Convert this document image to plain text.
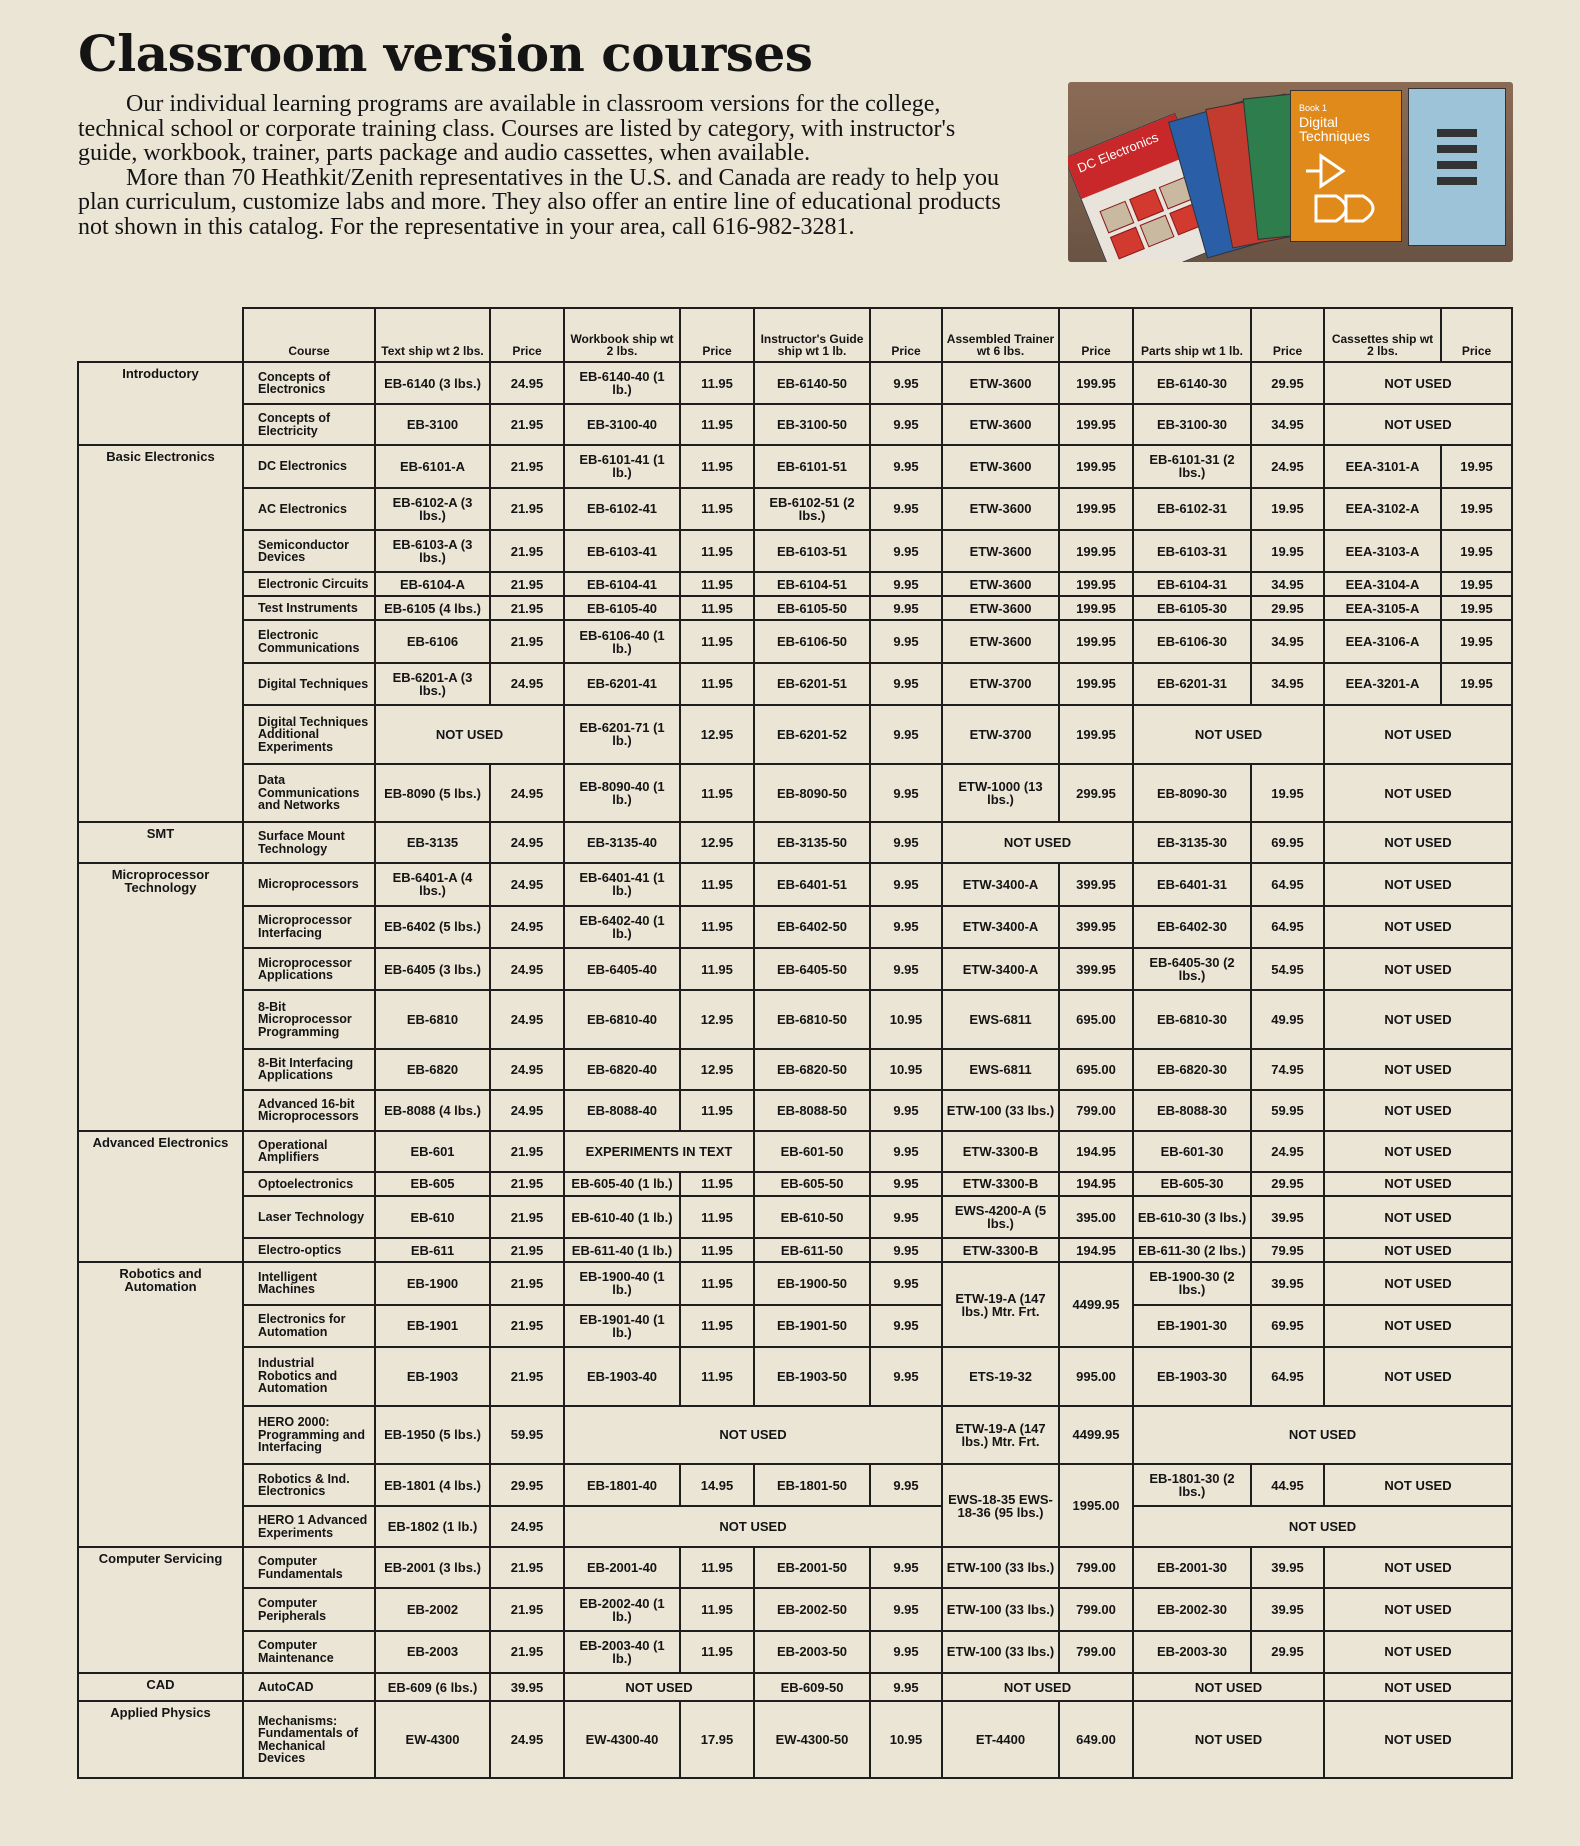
Classroom version courses

Our individual learning programs are available in classroom versions for the college, technical school or corporate training class. Courses are listed by category, with instructor's guide, workbook, trainer, parts package and audio cassettes, when available.

More than 70 Heathkit/Zenith representatives in the U.S. and Canada are ready to help you plan curriculum, customize labs and more. They also offer an entire line of educational products not shown in this catalog. For the representative in your area, call 616-982-3281.

DC Electronics
Book 1
Digital Techniques
	Course	Text ship wt 2 lbs.	Price	Workbook ship wt 2 lbs.	Price	Instructor's Guide ship wt 1 lb.	Price	Assembled Trainer wt 6 lbs.	Price	Parts ship wt 1 lb.	Price	Cassettes ship wt 2 lbs.	Price
Introductory	Concepts of Electronics	EB-6140 (3 lbs.)	24.95	EB-6140-40 (1 lb.)	11.95	EB-6140-50	9.95	ETW-3600	199.95	EB-6140-30	29.95	NOT USED	
	Concepts of Electricity	EB-3100	21.95	EB-3100-40	11.95	EB-3100-50	9.95	ETW-3600	199.95	EB-3100-30	34.95	NOT USED	
Basic Electronics	DC Electronics	EB-6101-A	21.95	EB-6101-41 (1 lb.)	11.95	EB-6101-51	9.95	ETW-3600	199.95	EB-6101-31 (2 lbs.)	24.95	EEA-3101-A	19.95
	AC Electronics	EB-6102-A (3 lbs.)	21.95	EB-6102-41	11.95	EB-6102-51 (2 lbs.)	9.95	ETW-3600	199.95	EB-6102-31	19.95	EEA-3102-A	19.95
	Semiconductor Devices	EB-6103-A (3 lbs.)	21.95	EB-6103-41	11.95	EB-6103-51	9.95	ETW-3600	199.95	EB-6103-31	19.95	EEA-3103-A	19.95
	Electronic Circuits	EB-6104-A	21.95	EB-6104-41	11.95	EB-6104-51	9.95	ETW-3600	199.95	EB-6104-31	34.95	EEA-3104-A	19.95
	Test Instruments	EB-6105 (4 lbs.)	21.95	EB-6105-40	11.95	EB-6105-50	9.95	ETW-3600	199.95	EB-6105-30	29.95	EEA-3105-A	19.95
	Electronic Communications	EB-6106	21.95	EB-6106-40 (1 lb.)	11.95	EB-6106-50	9.95	ETW-3600	199.95	EB-6106-30	34.95	EEA-3106-A	19.95
	Digital Techniques	EB-6201-A (3 lbs.)	24.95	EB-6201-41	11.95	EB-6201-51	9.95	ETW-3700	199.95	EB-6201-31	34.95	EEA-3201-A	19.95
	Digital Techniques Additional Experiments	NOT USED		EB-6201-71 (1 lb.)	12.95	EB-6201-52	9.95	ETW-3700	199.95	NOT USED		NOT USED	
	Data Communications and Networks	EB-8090 (5 lbs.)	24.95	EB-8090-40 (1 lb.)	11.95	EB-8090-50	9.95	ETW-1000 (13 lbs.)	299.95	EB-8090-30	19.95	NOT USED	
SMT	Surface Mount Technology	EB-3135	24.95	EB-3135-40	12.95	EB-3135-50	9.95	NOT USED		EB-3135-30	69.95	NOT USED	
Microprocessor Technology	Microprocessors	EB-6401-A (4 lbs.)	24.95	EB-6401-41 (1 lb.)	11.95	EB-6401-51	9.95	ETW-3400-A	399.95	EB-6401-31	64.95	NOT USED	
	Microprocessor Interfacing	EB-6402 (5 lbs.)	24.95	EB-6402-40 (1 lb.)	11.95	EB-6402-50	9.95	ETW-3400-A	399.95	EB-6402-30	64.95	NOT USED	
	Microprocessor Applications	EB-6405 (3 lbs.)	24.95	EB-6405-40	11.95	EB-6405-50	9.95	ETW-3400-A	399.95	EB-6405-30 (2 lbs.)	54.95	NOT USED	
	8-Bit Microprocessor Programming	EB-6810	24.95	EB-6810-40	12.95	EB-6810-50	10.95	EWS-6811	695.00	EB-6810-30	49.95	NOT USED	
	8-Bit Interfacing Applications	EB-6820	24.95	EB-6820-40	12.95	EB-6820-50	10.95	EWS-6811	695.00	EB-6820-30	74.95	NOT USED	
	Advanced 16-bit Microprocessors	EB-8088 (4 lbs.)	24.95	EB-8088-40	11.95	EB-8088-50	9.95	ETW-100 (33 lbs.)	799.00	EB-8088-30	59.95	NOT USED	
Advanced Electronics	Operational Amplifiers	EB-601	21.95	EXPERIMENTS IN TEXT		EB-601-50	9.95	ETW-3300-B	194.95	EB-601-30	24.95	NOT USED	
	Optoelectronics	EB-605	21.95	EB-605-40 (1 lb.)	11.95	EB-605-50	9.95	ETW-3300-B	194.95	EB-605-30	29.95	NOT USED	
	Laser Technology	EB-610	21.95	EB-610-40 (1 lb.)	11.95	EB-610-50	9.95	EWS-4200-A (5 lbs.)	395.00	EB-610-30 (3 lbs.)	39.95	NOT USED	
	Electro-optics	EB-611	21.95	EB-611-40 (1 lb.)	11.95	EB-611-50	9.95	ETW-3300-B	194.95	EB-611-30 (2 lbs.)	79.95	NOT USED	
Robotics and Automation	Intelligent Machines	EB-1900	21.95	EB-1900-40 (1 lb.)	11.95	EB-1900-50	9.95	ETW-19-A (147 lbs.) Mtr. Frt.	4499.95	EB-1900-30 (2 lbs.)	39.95	NOT USED	
	Electronics for Automation	EB-1901	21.95	EB-1901-40 (1 lb.)	11.95	EB-1901-50	9.95			EB-1901-30	69.95	NOT USED	
	Industrial Robotics and Automation	EB-1903	21.95	EB-1903-40	11.95	EB-1903-50	9.95	ETS-19-32	995.00	EB-1903-30	64.95	NOT USED	
	HERO 2000: Programming and Interfacing	EB-1950 (5 lbs.)	59.95	NOT USED				ETW-19-A (147 lbs.) Mtr. Frt.	4499.95	NOT USED			
	Robotics & Ind. Electronics	EB-1801 (4 lbs.)	29.95	EB-1801-40	14.95	EB-1801-50	9.95	EWS-18-35 EWS-18-36 (95 lbs.)	1995.00	EB-1801-30 (2 lbs.)	44.95	NOT USED	
	HERO 1 Advanced Experiments	EB-1802 (1 lb.)	24.95	NOT USED						NOT USED			
Computer Servicing	Computer Fundamentals	EB-2001 (3 lbs.)	21.95	EB-2001-40	11.95	EB-2001-50	9.95	ETW-100 (33 lbs.)	799.00	EB-2001-30	39.95	NOT USED	
	Computer Peripherals	EB-2002	21.95	EB-2002-40 (1 lb.)	11.95	EB-2002-50	9.95	ETW-100 (33 lbs.)	799.00	EB-2002-30	39.95	NOT USED	
	Computer Maintenance	EB-2003	21.95	EB-2003-40 (1 lb.)	11.95	EB-2003-50	9.95	ETW-100 (33 lbs.)	799.00	EB-2003-30	29.95	NOT USED	
CAD	AutoCAD	EB-609 (6 lbs.)	39.95	NOT USED		EB-609-50	9.95	NOT USED		NOT USED		NOT USED	
Applied Physics	Mechanisms: Fundamentals of Mechanical Devices	EW-4300	24.95	EW-4300-40	17.95	EW-4300-50	10.95	ET-4400	649.00	NOT USED		NOT USED	
